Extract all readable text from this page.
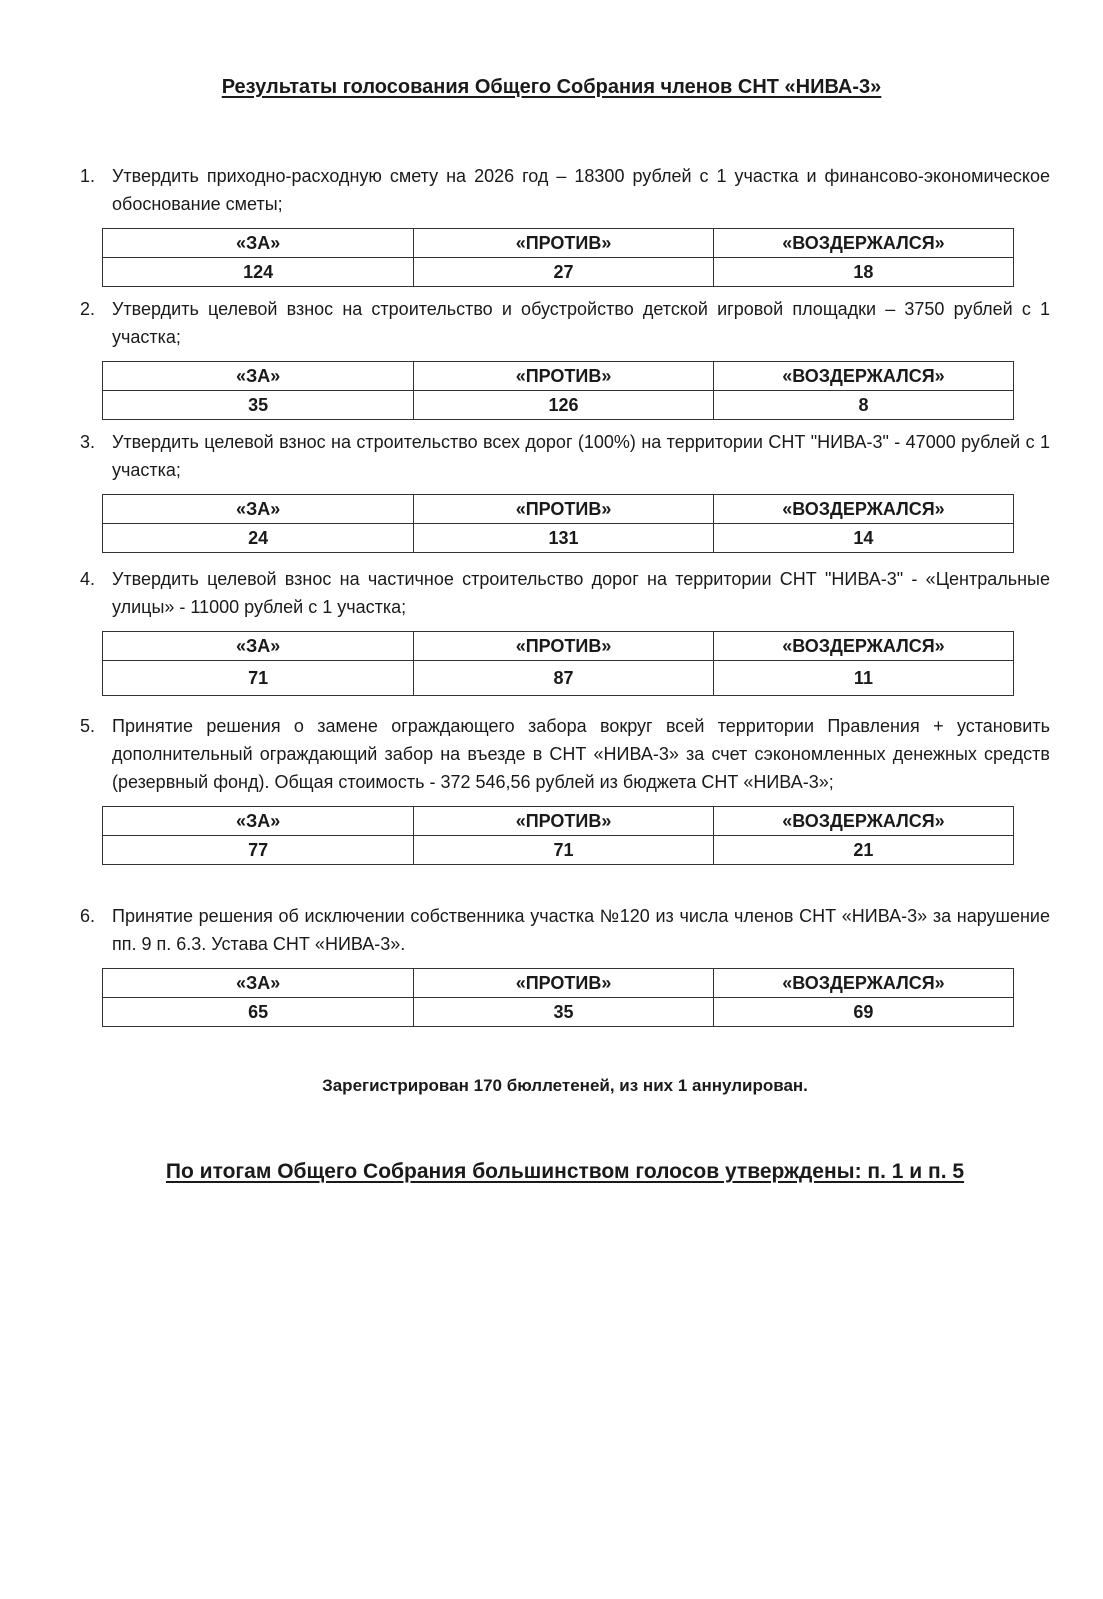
Результаты голосования Общего Собрания членов СНТ «НИВА-3»
1. Утвердить приходно-расходную смету на 2026 год – 18300 рублей с 1 участка и финансово-экономическое обоснование сметы;
«ЗА»	«ПРОТИВ»	«ВОЗДЕРЖАЛСЯ»
124	27	18
2. Утвердить целевой взнос на строительство и обустройство детской игровой площадки – 3750 рублей с 1 участка;
«ЗА»	«ПРОТИВ»	«ВОЗДЕРЖАЛСЯ»
35	126	8
3. Утвердить целевой взнос на строительство всех дорог (100%) на территории СНТ "НИВА-3" - 47000 рублей с 1 участка;
«ЗА»	«ПРОТИВ»	«ВОЗДЕРЖАЛСЯ»
24	131	14
4. Утвердить целевой взнос на частичное строительство дорог на территории СНТ "НИВА-3" - «Центральные улицы» - 11000 рублей с 1 участка;
«ЗА»	«ПРОТИВ»	«ВОЗДЕРЖАЛСЯ»
71	87	11
5. Принятие решения о замене ограждающего забора вокруг всей территории Правления + установить дополнительный ограждающий забор на въезде в СНТ «НИВА-3» за счет сэкономленных денежных средств (резервный фонд). Общая стоимость - 372 546,56 рублей из бюджета СНТ «НИВА-3»;
«ЗА»	«ПРОТИВ»	«ВОЗДЕРЖАЛСЯ»
77	71	21
6. Принятие решения об исключении собственника участка №120 из числа членов СНТ «НИВА-3» за нарушение пп. 9 п. 6.3. Устава СНТ «НИВА-3».
«ЗА»	«ПРОТИВ»	«ВОЗДЕРЖАЛСЯ»
65	35	69
Зарегистрирован 170 бюллетеней, из них 1 аннулирован.
По итогам Общего Собрания большинством голосов утверждены: п. 1 и п. 5
